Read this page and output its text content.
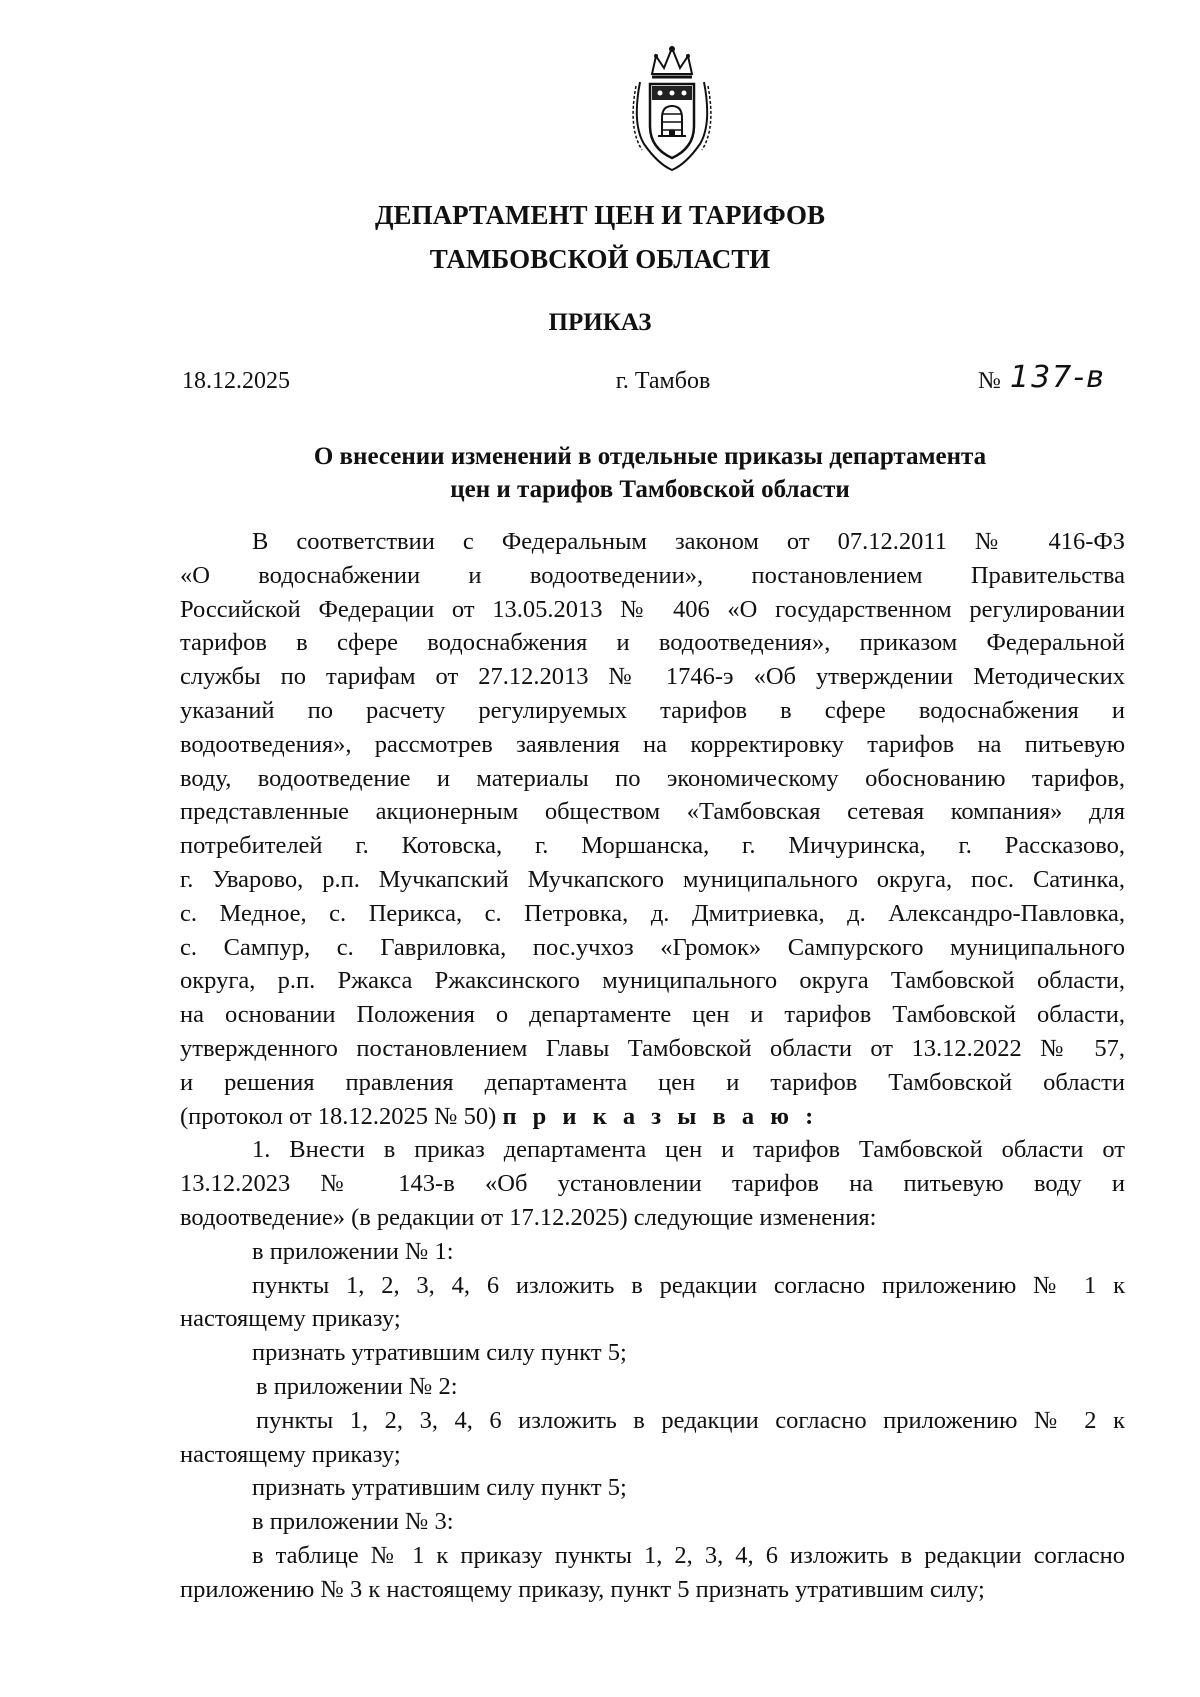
ДЕПАРТАМЕНТ ЦЕН И ТАРИФОВ
ТАМБОВСКОЙ ОБЛАСТИ
ПРИКАЗ
18.12.2025	г. Тамбов	№ 137-в
О внесении изменений в отдельные приказы департамента
цен и тарифов Тамбовской области
В соответствии с Федеральным законом от 07.12.2011 № 416-ФЗ
«О водоснабжении и водоотведении», постановлением Правительства
Российской Федерации от 13.05.2013 № 406 «О государственном регулировании
тарифов в сфере водоснабжения и водоотведения», приказом Федеральной
службы по тарифам от 27.12.2013 № 1746-э «Об утверждении Методических
указаний по расчету регулируемых тарифов в сфере водоснабжения и
водоотведения», рассмотрев заявления на корректировку тарифов на питьевую
воду, водоотведение и материалы по экономическому обоснованию тарифов,
представленные акционерным обществом «Тамбовская сетевая компания» для
потребителей г. Котовска, г. Моршанска, г. Мичуринска, г. Рассказово,
г. Уварово, р.п. Мучкапский Мучкапского муниципального округа, пос. Сатинка,
с. Медное, с. Перикса, с. Петровка, д. Дмитриевка, д. Александро-Павловка,
с. Сампур, с. Гавриловка, пос.учхоз «Громок» Сампурского муниципального
округа, р.п. Ржакса Ржаксинского муниципального округа Тамбовской области,
на основании Положения о департаменте цен и тарифов Тамбовской области,
утвержденного постановлением Главы Тамбовской области от 13.12.2022 № 57,
и решения правления департамента цен и тарифов Тамбовской области
(протокол от 18.12.2025 № 50) п р и к а з ы в а ю :
1. Внести в приказ департамента цен и тарифов Тамбовской области от
13.12.2023 № 143-в «Об установлении тарифов на питьевую воду и
водоотведение» (в редакции от 17.12.2025) следующие изменения:
в приложении № 1:
пункты 1, 2, 3, 4, 6 изложить в редакции согласно приложению № 1 к
настоящему приказу;
признать утратившим силу пункт 5;
в приложении № 2:
пункты 1, 2, 3, 4, 6 изложить в редакции согласно приложению № 2 к
настоящему приказу;
признать утратившим силу пункт 5;
в приложении № 3:
в таблице № 1 к приказу пункты 1, 2, 3, 4, 6 изложить в редакции согласно
приложению № 3 к настоящему приказу, пункт 5 признать утратившим силу;
